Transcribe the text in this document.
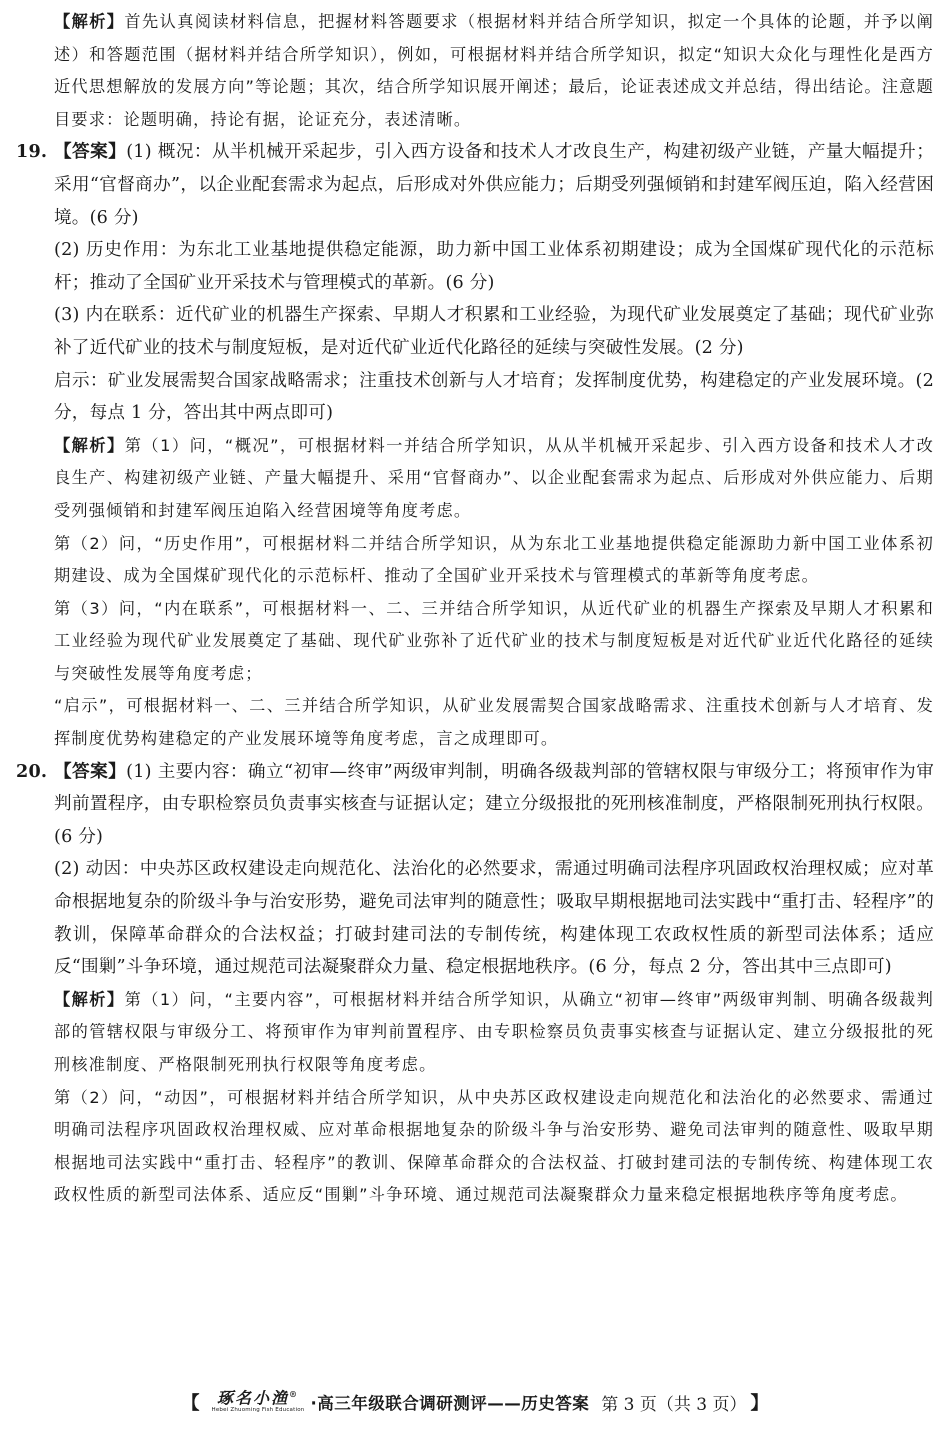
【解析】首先认真阅读材料信息，把握材料答题要求（根据材料并结合所学知识，拟定一个具体的论题，并予以阐述）和答题范围（据材料并结合所学知识），例如，可根据材料并结合所学知识，拟定“知识大众化与理性化是西方近代思想解放的发展方向”等论题；其次，结合所学知识展开阐述；最后，论证表述成文并总结，得出结论。注意题目要求：论题明确，持论有据，论证充分，表述清晰。

19. 【答案】(1) 概况：从半机械开采起步，引入西方设备和技术人才改良生产，构建初级产业链，产量大幅提升；采用“官督商办”，以企业配套需求为起点，后形成对外供应能力；后期受列强倾销和封建军阀压迫，陷入经营困境。(6 分)

(2) 历史作用：为东北工业基地提供稳定能源，助力新中国工业体系初期建设；成为全国煤矿现代化的示范标杆；推动了全国矿业开采技术与管理模式的革新。(6 分)

(3) 内在联系：近代矿业的机器生产探索、早期人才积累和工业经验，为现代矿业发展奠定了基础；现代矿业弥补了近代矿业的技术与制度短板，是对近代矿业近代化路径的延续与突破性发展。(2 分)

启示：矿业发展需契合国家战略需求；注重技术创新与人才培育；发挥制度优势，构建稳定的产业发展环境。(2 分，每点 1 分，答出其中两点即可)

【解析】第（1）问，“概况”，可根据材料一并结合所学知识，从从半机械开采起步、引入西方设备和技术人才改良生产、构建初级产业链、产量大幅提升、采用“官督商办”、以企业配套需求为起点、后形成对外供应能力、后期受列强倾销和封建军阀压迫陷入经营困境等角度考虑。

第（2）问，“历史作用”，可根据材料二并结合所学知识，从为东北工业基地提供稳定能源助力新中国工业体系初期建设、成为全国煤矿现代化的示范标杆、推动了全国矿业开采技术与管理模式的革新等角度考虑。

第（3）问，“内在联系”，可根据材料一、二、三并结合所学知识，从近代矿业的机器生产探索及早期人才积累和工业经验为现代矿业发展奠定了基础、现代矿业弥补了近代矿业的技术与制度短板是对近代矿业近代化路径的延续与突破性发展等角度考虑；

“启示”，可根据材料一、二、三并结合所学知识，从矿业发展需契合国家战略需求、注重技术创新与人才培育、发挥制度优势构建稳定的产业发展环境等角度考虑，言之成理即可。

20. 【答案】(1) 主要内容：确立“初审—终审”两级审判制，明确各级裁判部的管辖权限与审级分工；将预审作为审判前置程序，由专职检察员负责事实核查与证据认定；建立分级报批的死刑核准制度，严格限制死刑执行权限。(6 分)

(2) 动因：中央苏区政权建设走向规范化、法治化的必然要求，需通过明确司法程序巩固政权治理权威；应对革命根据地复杂的阶级斗争与治安形势，避免司法审判的随意性；吸取早期根据地司法实践中“重打击、轻程序”的教训，保障革命群众的合法权益；打破封建司法的专制传统，构建体现工农政权性质的新型司法体系；适应反“围剿”斗争环境，通过规范司法凝聚群众力量、稳定根据地秩序。(6 分，每点 2 分，答出其中三点即可)

【解析】第（1）问，“主要内容”，可根据材料并结合所学知识，从确立“初审—终审”两级审判制、明确各级裁判部的管辖权限与审级分工、将预审作为审判前置程序、由专职检察员负责事实核查与证据认定、建立分级报批的死刑核准制度、严格限制死刑执行权限等角度考虑。

第（2）问，“动因”，可根据材料并结合所学知识，从中央苏区政权建设走向规范化和法治化的必然要求、需通过明确司法程序巩固政权治理权威、应对革命根据地复杂的阶级斗争与治安形势、避免司法审判的随意性、吸取早期根据地司法实践中“重打击、轻程序”的教训、保障革命群众的合法权益、打破封建司法的专制传统、构建体现工农政权性质的新型司法体系、适应反“围剿”斗争环境、通过规范司法凝聚群众力量来稳定根据地秩序等角度考虑。

【 琢名小渔®
Hebei Zhuoming Fish Education ·高三年级联合调研测评——历史答案 第 3 页（共 3 页） 】
